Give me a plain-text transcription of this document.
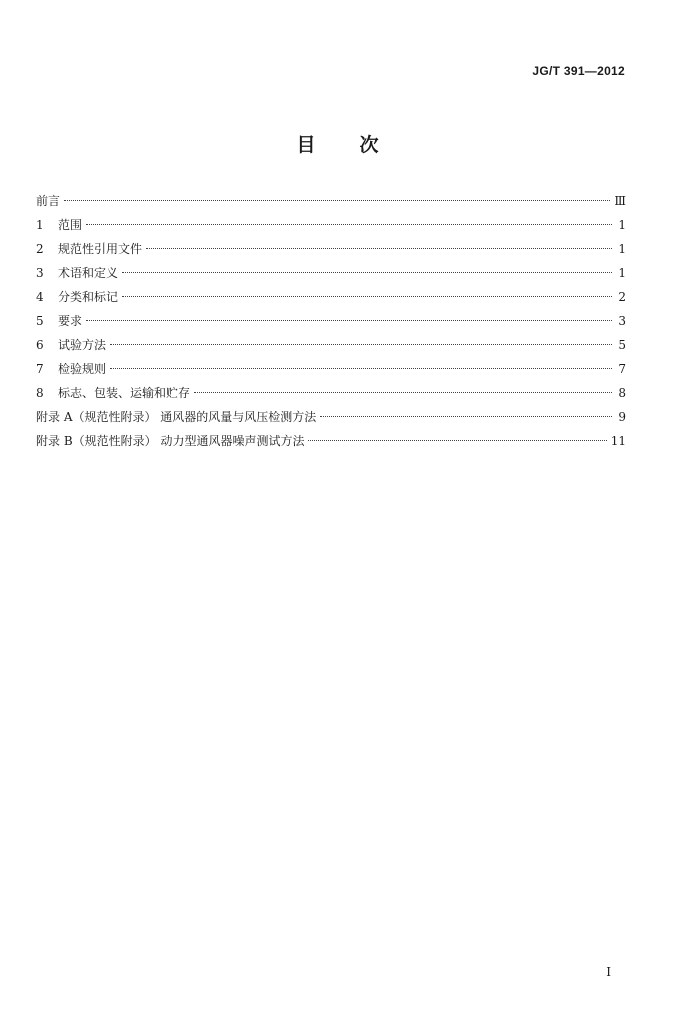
JG/T 391—2012
目次
前言	Ⅲ
1 范围	1
2 规范性引用文件	1
3 术语和定义	1
4 分类和标记	2
5 要求	3
6 试验方法	5
7 检验规则	7
8 标志、包装、运输和贮存	8
附录 A（规范性附录） 通风器的风量与风压检测方法	9
附录 B（规范性附录） 动力型通风器噪声测试方法	11
I
